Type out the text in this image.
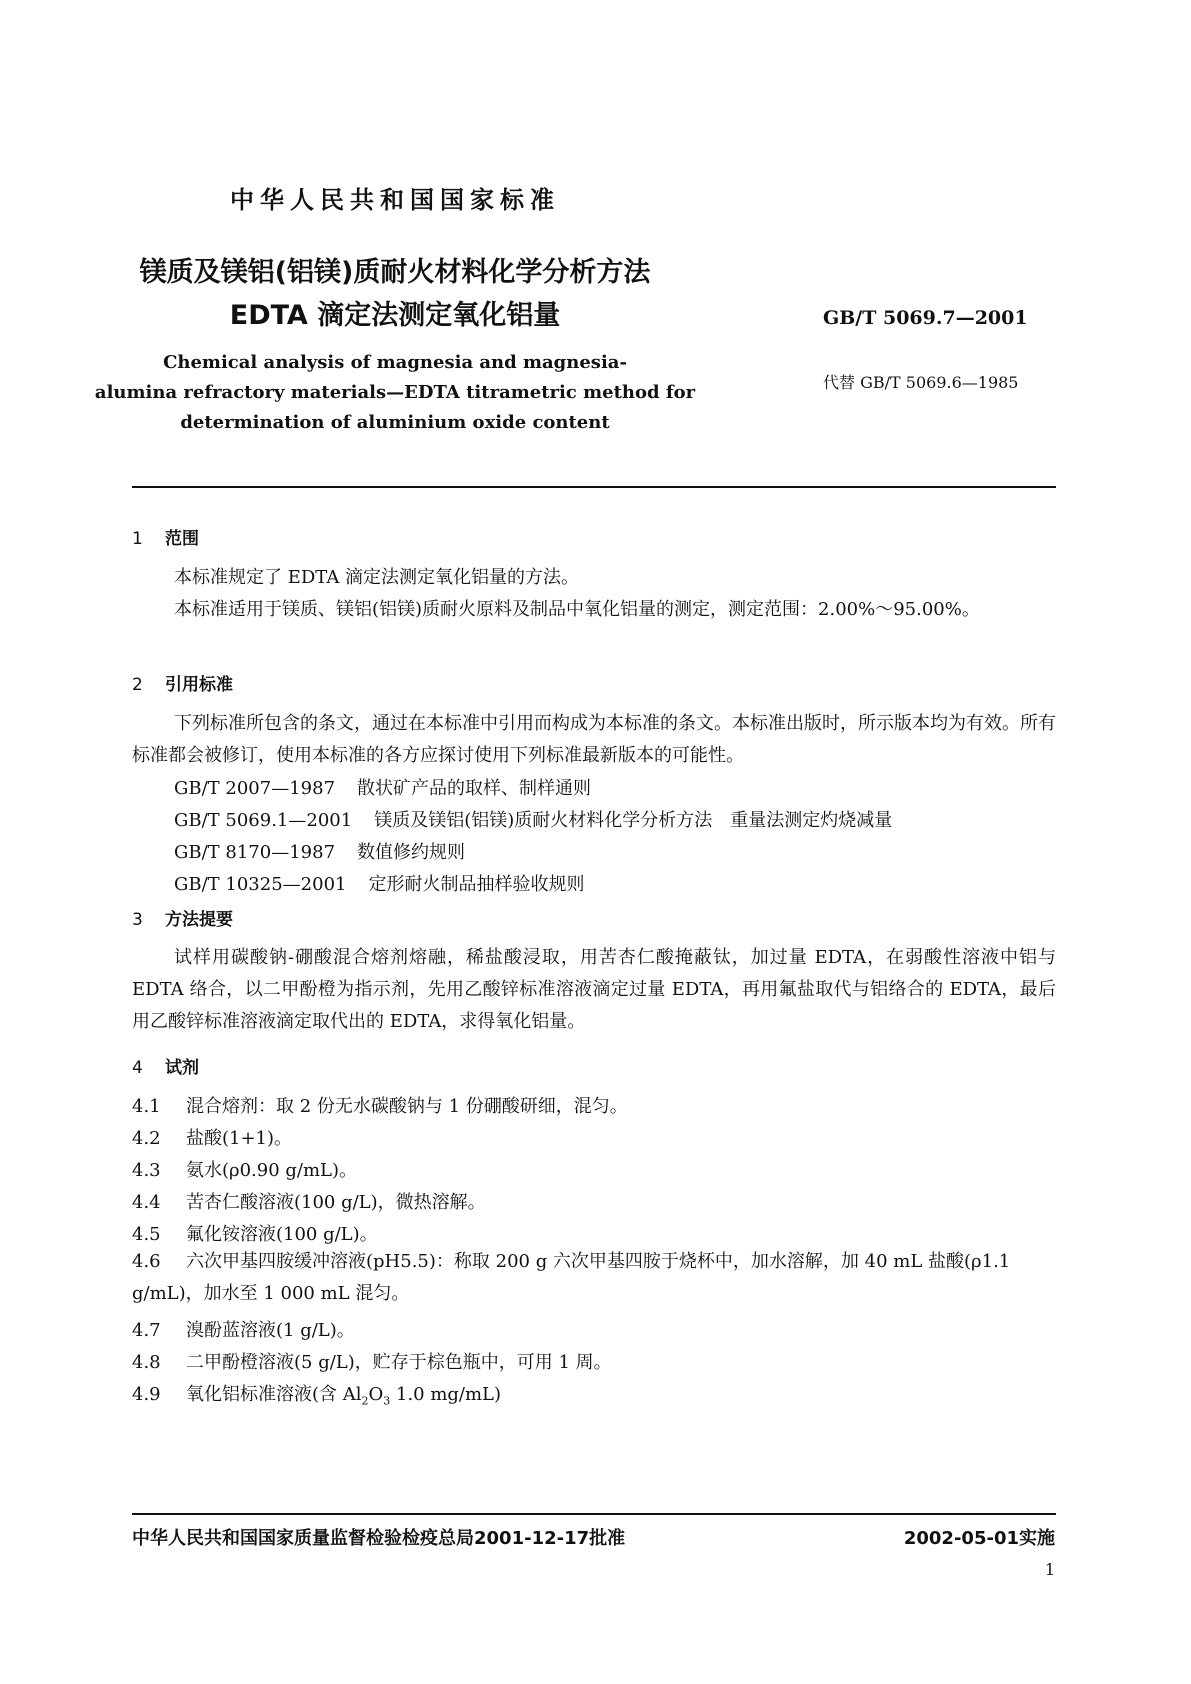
中华人民共和国国家标准
镁质及镁铝(铝镁)质耐火材料化学分析方法
EDTA 滴定法测定氧化铝量	GB/T 5069.7—2001
代替 GB/T 5069.6—1985
Chemical analysis of magnesia and magnesia-
alumina refractory materials—EDTA titrametric method for
determination of aluminium oxide content
1 范围
本标准规定了 EDTA 滴定法测定氧化铝量的方法。
本标准适用于镁质、镁铝(铝镁)质耐火原料及制品中氧化铝量的测定，测定范围：2.00%～95.00%。
2 引用标准
下列标准所包含的条文，通过在本标准中引用而构成为本标准的条文。本标准出版时，所示版本均为有效。所有标准都会被修订，使用本标准的各方应探讨使用下列标准最新版本的可能性。
GB/T 2007—1987 散状矿产品的取样、制样通则
GB/T 5069.1—2001 镁质及镁铝(铝镁)质耐火材料化学分析方法　重量法测定灼烧减量
GB/T 8170—1987 数值修约规则
GB/T 10325—2001 定形耐火制品抽样验收规则
3 方法提要
试样用碳酸钠-硼酸混合熔剂熔融，稀盐酸浸取，用苦杏仁酸掩蔽钛，加过量 EDTA，在弱酸性溶液中铝与 EDTA 络合，以二甲酚橙为指示剂，先用乙酸锌标准溶液滴定过量 EDTA，再用氟盐取代与铝络合的 EDTA，最后用乙酸锌标准溶液滴定取代出的 EDTA，求得氧化铝量。
4 试剂
4.1 混合熔剂：取 2 份无水碳酸钠与 1 份硼酸研细，混匀。
4.2 盐酸(1+1)。
4.3 氨水(ρ0.90 g/mL)。
4.4 苦杏仁酸溶液(100 g/L)，微热溶解。
4.5 氟化铵溶液(100 g/L)。
4.6 六次甲基四胺缓冲溶液(pH5.5)：称取 200 g 六次甲基四胺于烧杯中，加水溶解，加 40 mL 盐酸(ρ1.1 g/mL)，加水至 1 000 mL 混匀。
4.7 溴酚蓝溶液(1 g/L)。
4.8 二甲酚橙溶液(5 g/L)，贮存于棕色瓶中，可用 1 周。
4.9 氧化铝标准溶液(含 $Al_2O_3$ 1.0 mg/mL)
中华人民共和国国家质量监督检验检疫总局2001-12-17批准	2002-05-01实施
1
